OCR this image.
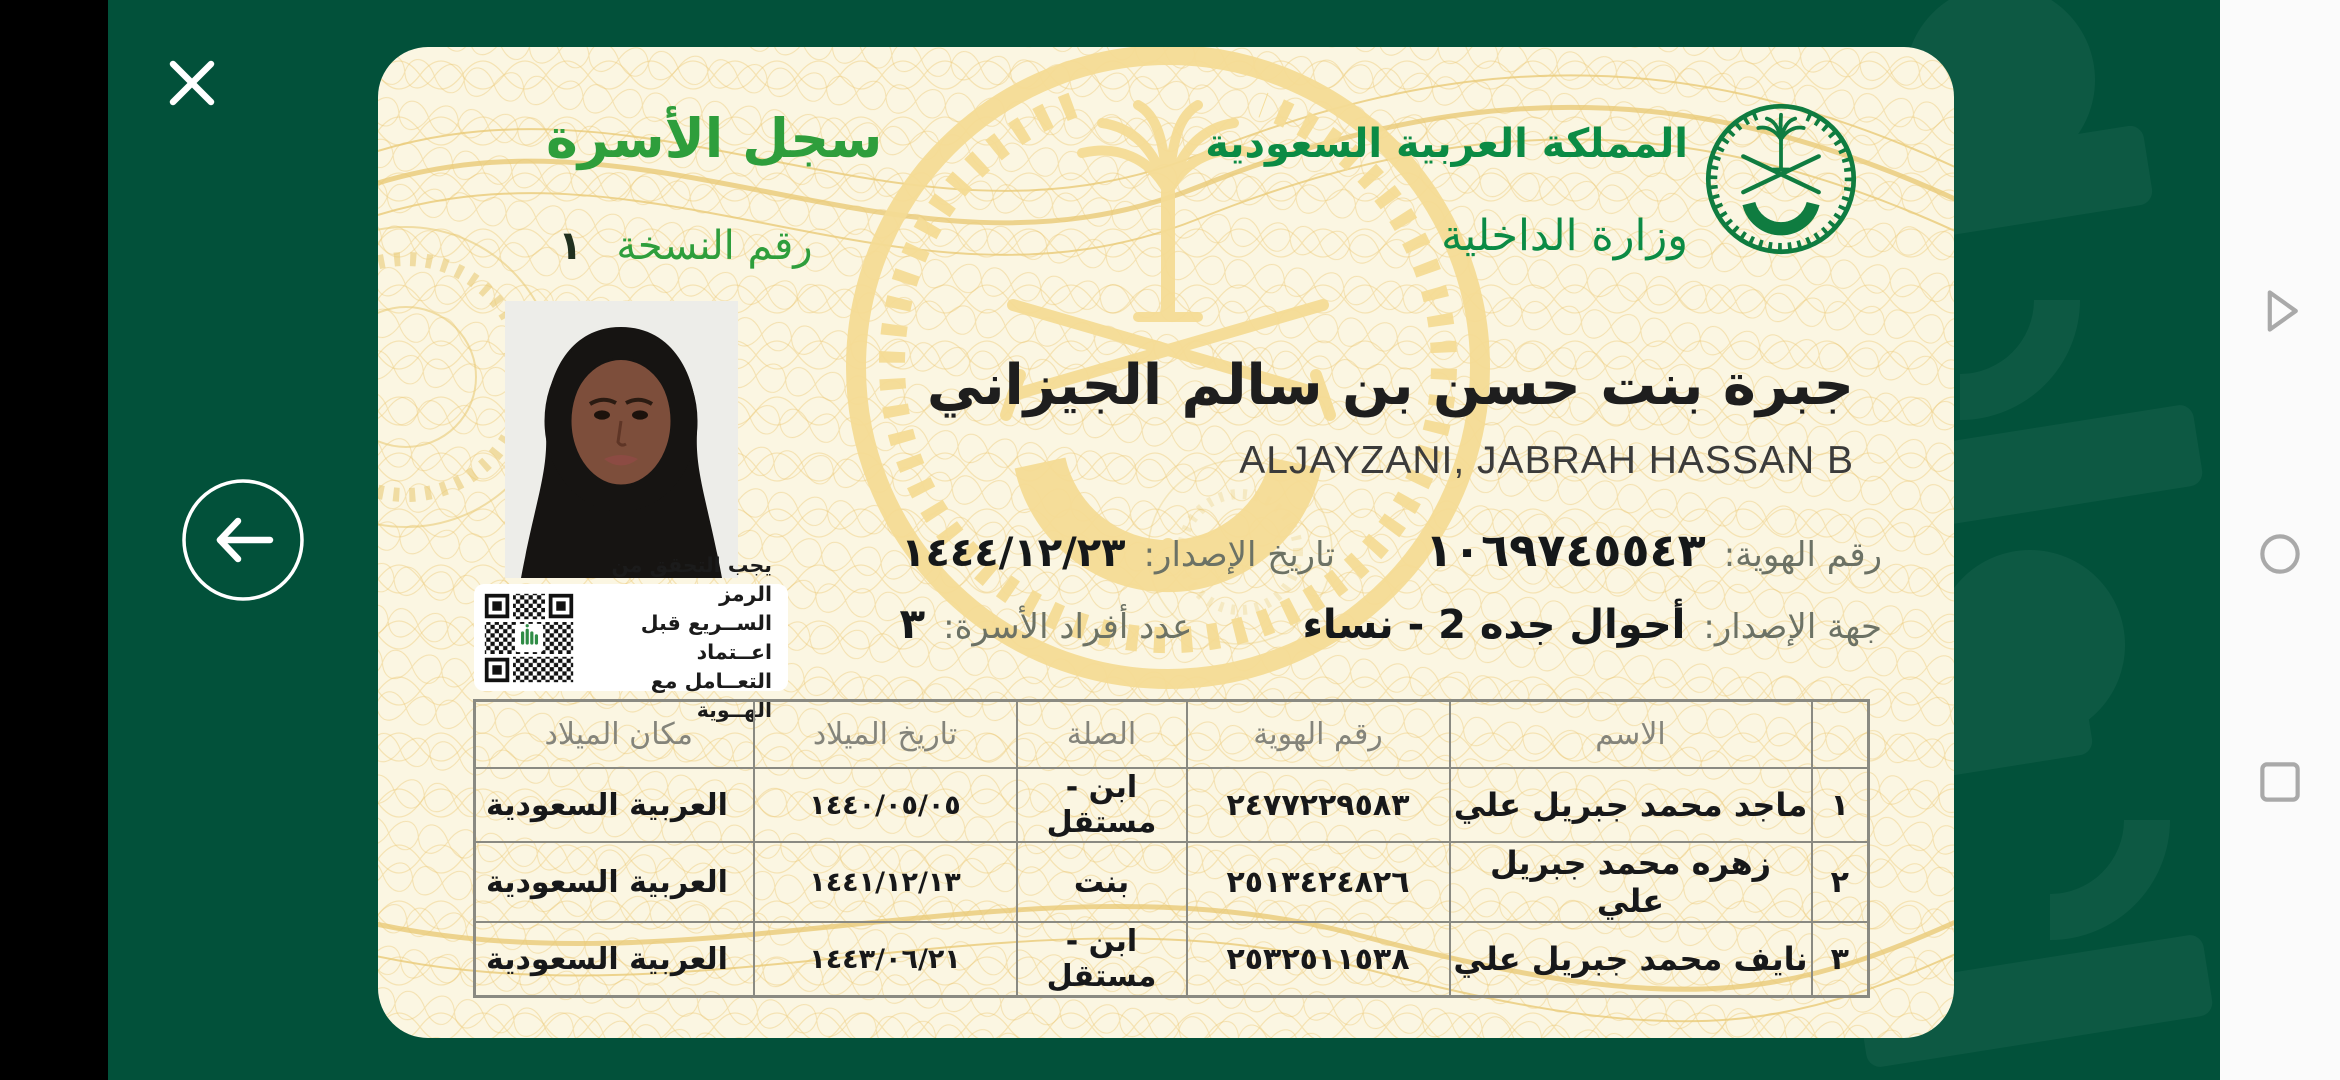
سجل الأسرة
رقم النسخة١
المملكة العربية السعودية
وزارة الداخلية
يجب التحقق من الرمز
الســريع قبل اعــتماد
التعــامل مع الهــوية
جبرة بنت حسن بن سالم الجيزاني
ALJAYZANI, JABRAH HASSAN B
رقم الهوية:
١٠٦٩٧٤٥٥٤٣
تاريخ الإصدار:
١٤٤٤/١٢/٢٣
جهة الإصدار:
أحوال جده 2 - نساء
عدد أفراد الأسرة:
٣
	الاسم	رقم الهوية	الصلة	تاريخ الميلاد	مكان الميلاد
١	ماجد محمد جبريل علي	٢٤٧٧٢٢٩٥٨٣	ابن - مستقل	١٤٤٠/٠٥/٠٥	العربية السعودية
٢	زهره محمد جبريل علي	٢٥١٣٤٢٤٨٢٦	بنت	١٤٤١/١٢/١٣	العربية السعودية
٣	نايف محمد جبريل علي	٢٥٣٢٥١١٥٣٨	ابن - مستقل	١٤٤٣/٠٦/٢١	العربية السعودية
